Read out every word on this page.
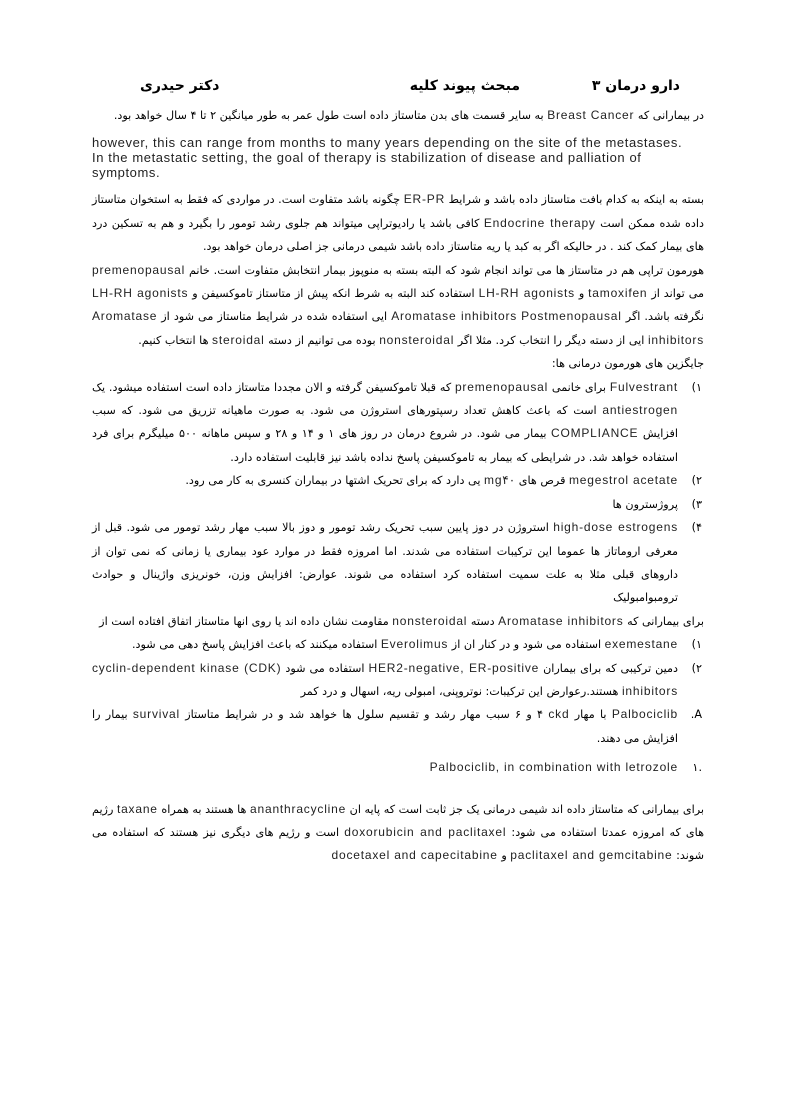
دارو درمان ۳
مبحث پیوند کلیه
دکتر حیدری

در بیمارانی که Breast Cancer به سایر قسمت های بدن متاستاز داده است طول عمر به طور میانگین ۲ تا ۴ سال خواهد بود.

however, this can range from months to many years depending on the site of the metastases.

In the metastatic setting, the goal of therapy is stabilization of disease and palliation of symptoms.

بسته به اینکه به کدام بافت متاستاز داده باشد و شرایط ER-PR چگونه باشد متفاوت است. در مواردی که فقط به استخوان متاستاز داده شده ممکن است Endocrine therapy کافی باشد یا رادیوتراپی میتواند هم جلوی رشد تومور را بگیرد و هم به تسکین درد های بیمار کمک کند . در حالیکه اگر به کبد یا ریه متاستاز داده باشد شیمی درمانی جز اصلی درمان خواهد بود.

هورمون تراپی هم در متاستاز ها می تواند انجام شود که البته بسته به منوپوز بیمار انتخابش متفاوت است. خانم premenopausal می تواند از tamoxifen و LH-RH agonists استفاده کند البته به شرط انکه پیش از متاستاز تاموکسیفن و LH-RH agonists نگرفته باشد. اگر Postmenopausal Aromatase inhibitors ایی استفاده شده در شرایط متاستاز می شود از Aromatase inhibitors ایی از دسته دیگر را انتخاب کرد. مثلا اگر nonsteroidal بوده می توانیم از دسته steroidal ها انتخاب کنیم.

جایگزین های هورمون درمانی ها:

۱)
Fulvestrant برای خانمی premenopausal که قبلا تاموکسیفن گرفته و الان مجددا متاستاز داده است استفاده میشود. یک antiestrogen است که باعث کاهش تعداد رسپتورهای استروژن می شود. به صورت ماهیانه تزریق می شود. که سبب افزایش COMPLIANCE بیمار می شود. در شروع درمان در روز های ۱ و ۱۴ و ۲۸ و سپس ماهانه ۵۰۰ میلیگرم برای فرد استفاده خواهد شد. در شرایطی که بیمار به تاموکسیفن پاسخ نداده باشد نیز قابلیت استفاده دارد.
۲)
megestrol acetate قرص های mg۴۰ یی دارد که برای تحریک اشتها در بیماران کنسری به کار می رود.
۳)
پروژسترون ها
۴)
high-dose estrogens استروژن در دوز پایین سبب تحریک رشد تومور و دوز بالا سبب مهار رشد تومور می شود. قبل از معرفی اروماتاز ها عموما این ترکیبات استفاده می شدند. اما امروزه فقط در موارد عود بیماری یا زمانی که نمی توان از داروهای قبلی مثلا به علت سمیت استفاده کرد استفاده می شوند. عوارض: افزایش وزن، خونریزی واژینال و حوادث ترومبوامبولیک

برای بیمارانی که Aromatase inhibitors دسته nonsteroidal مقاومت نشان داده اند یا روی انها متاستاز اتفاق افتاده است از

۱)
exemestane استفاده می شود و در کنار ان از Everolimus استفاده میکنند که باعث افزایش پاسخ دهی می شود.
۲)
دمین ترکیبی که برای بیماران HER2-negative, ER-positive استفاده می شود cyclin-dependent kinase (CDK) inhibitors هستند.رعوارض این ترکیبات: نوتروپنی، امبولی ریه، اسهال و درد کمر
A.
Palbociclib با مهار ckd ۴ و ۶ سبب مهار رشد و تقسیم سلول ها خواهد شد و در شرایط متاستاز survival بیمار را افزایش می دهند.
.۱
Palbociclib, in combination with letrozole

برای بیمارانی که متاستاز داده اند شیمی درمانی یک جز ثابت است که پایه ان ananthracycline ها هستند به همراه taxane رژیم های که امروزه عمدتا استفاده می شود: doxorubicin and paclitaxel است و رژیم های دیگری نیز هستند که استفاده می شوند: paclitaxel and gemcitabine و docetaxel and capecitabine
